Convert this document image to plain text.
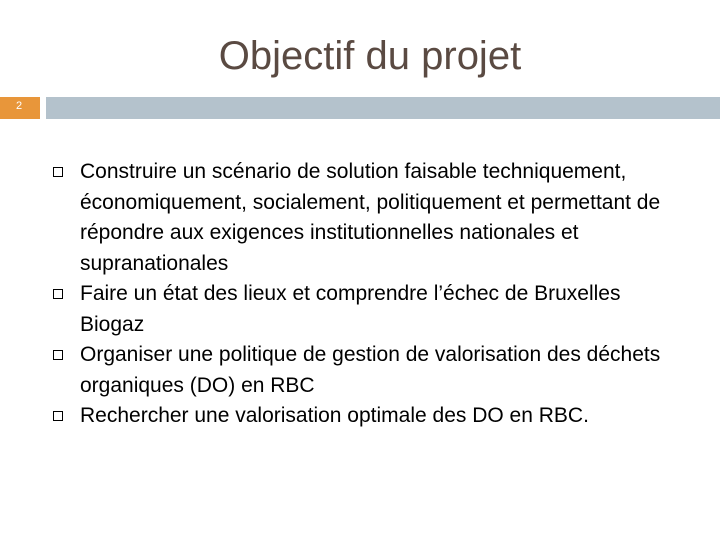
Objectif du projet
2
Construire un scénario de solution faisable techniquement, économiquement, socialement, politiquement et permettant de répondre aux exigences institutionnelles nationales et supranationales
Faire un état des lieux et comprendre l’échec de Bruxelles Biogaz
Organiser une politique de gestion de valorisation des déchets organiques (DO) en RBC
Rechercher une valorisation optimale des DO en RBC.
